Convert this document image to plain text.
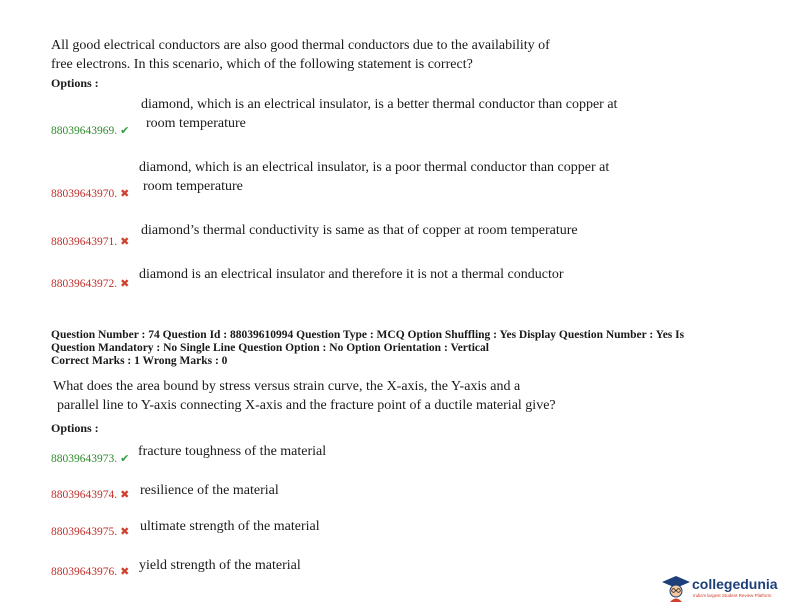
All good electrical conductors are also good thermal conductors due to the availability of
free electrons. In this scenario, which of the following statement is correct?
Options :
diamond, which is an electrical insulator, is a better thermal conductor than copper at
room temperature
88039643969. ✔
diamond, which is an electrical insulator, is a poor thermal conductor than copper at
room temperature
88039643970. ✖
diamond’s thermal conductivity is same as that of copper at room temperature
88039643971. ✖
diamond is an electrical insulator and therefore it is not a thermal conductor
88039643972. ✖
Question Number : 74 Question Id : 88039610994 Question Type : MCQ Option Shuffling : Yes Display Question Number : Yes Is
Question Mandatory : No Single Line Question Option : No Option Orientation : Vertical
Correct Marks : 1 Wrong Marks : 0
What does the area bound by stress versus strain curve, the X-axis, the Y-axis and a
parallel line to Y-axis connecting X-axis and the fracture point of a ductile material give?
Options :
fracture toughness of the material
88039643973. ✔
resilience of the material
88039643974. ✖
ultimate strength of the material
88039643975. ✖
yield strength of the material
88039643976. ✖
collegedunia
India's largest Student Review Platform
